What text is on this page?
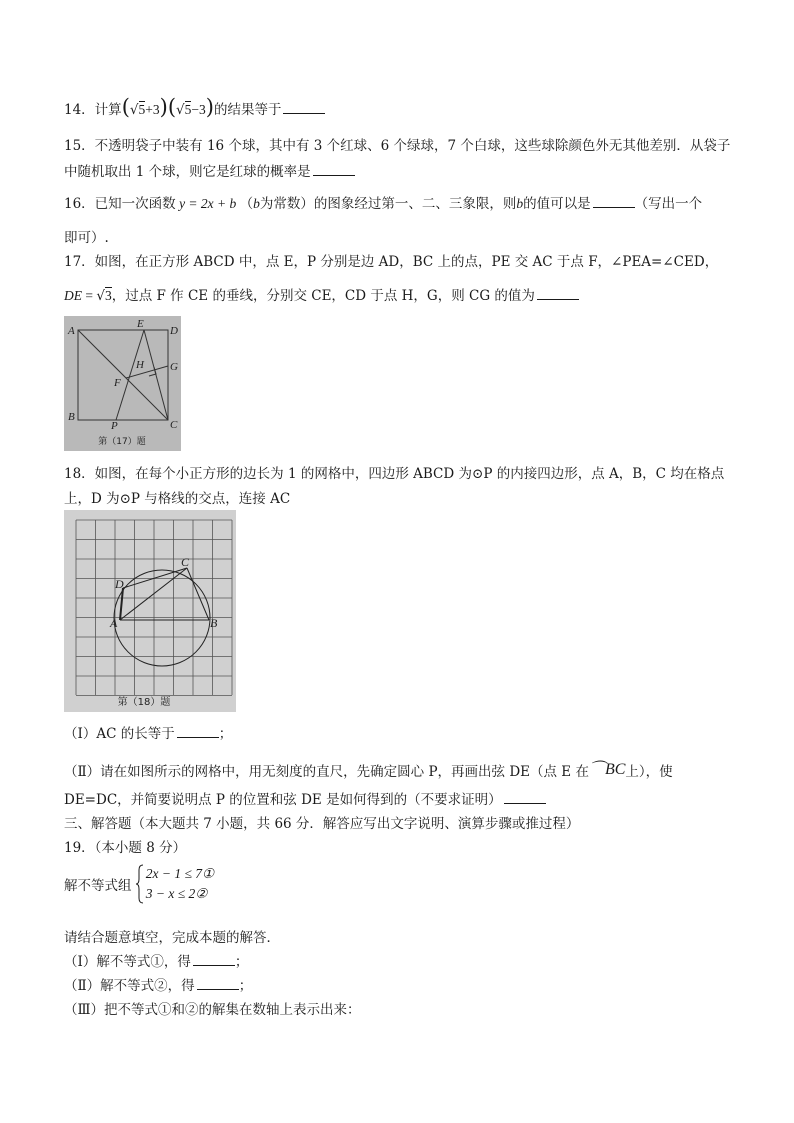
14．计算(√5+3)(√5−3)的结果等于
15．不透明袋子中装有 16 个球，其中有 3 个红球、6 个绿球，7 个白球，这些球除颜色外无其他差别．从袋子
中随机取出 1 个球，则它是红球的概率是
16．已知一次函数 y = 2x + b （b为常数）的图象经过第一、二、三象限，则b的值可以是	（写出一个
即可）.
17．如图，在正方形 ABCD 中，点 E，P 分别是边 AD，BC 上的点，PE 交 AC 于点 F，∠PEA=∠CED，
DE = √3，过点 F 作 CE 的垂线，分别交 CE，CD 于点 H，G，则 CG 的值为
A
B
C
D
E
F
G
H
P
第（17）题
18．如图，在每个小正方形的边长为 1 的网格中，四边形 ABCD 为⊙P 的内接四边形，点 A，B，C 均在格点
上，D 为⊙P 与格线的交点，连接 AC
A	B
C
D
第（18）题
（Ⅰ）AC 的长等于	；
（Ⅱ）请在如图所示的网格中，用无刻度的直尺，先确定圆心 P，再画出弦 DE（点 E 在⌒BC上），使
DE=DC，并简要说明点 P 的位置和弦 DE 是如何得到的（不要求证明）
三、解答题（本大题共 7 小题，共 66 分．解答应写出文字说明、演算步骤或推过程）
19．（本小题 8 分）
解不等式组
2x − 1 ≤ 7①
3 − x ≤ 2②
请结合题意填空，完成本题的解答．
（Ⅰ）解不等式①，得	；
（Ⅱ）解不等式②，得	；
（Ⅲ）把不等式①和②的解集在数轴上表示出来：
